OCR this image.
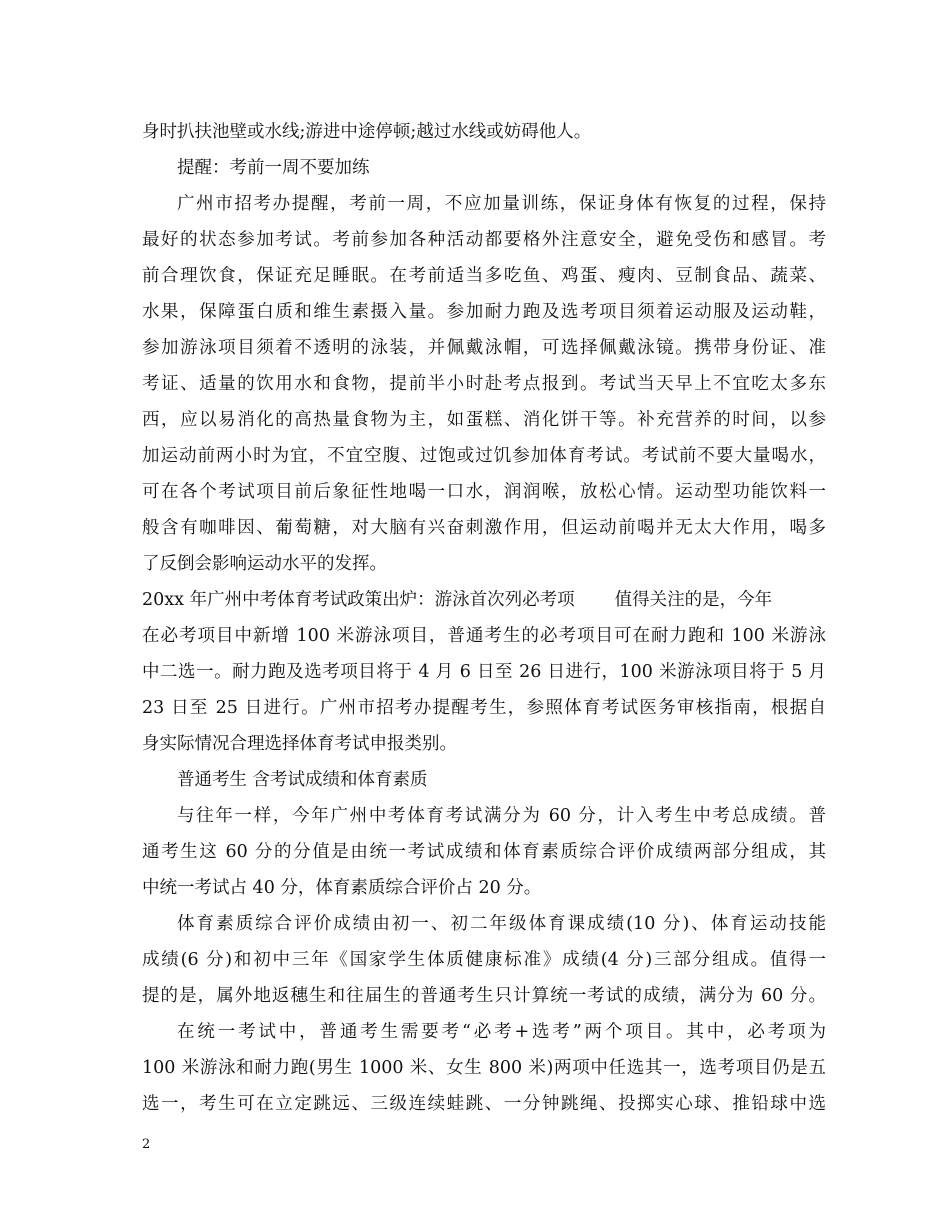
身时扒扶池壁或水线;游进中途停顿;越过水线或妨碍他人。
提醒：考前一周不要加练
广州市招考办提醒，考前一周，不应加量训练，保证身体有恢复的过程，保持
最好的状态参加考试。考前参加各种活动都要格外注意安全，避免受伤和感冒。考
前合理饮食，保证充足睡眠。在考前适当多吃鱼、鸡蛋、瘦肉、豆制食品、蔬菜、
水果，保障蛋白质和维生素摄入量。参加耐力跑及选考项目须着运动服及运动鞋，
参加游泳项目须着不透明的泳装，并佩戴泳帽，可选择佩戴泳镜。携带身份证、准
考证、适量的饮用水和食物，提前半小时赴考点报到。考试当天早上不宜吃太多东
西，应以易消化的高热量食物为主，如蛋糕、消化饼干等。补充营养的时间，以参
加运动前两小时为宜，不宜空腹、过饱或过饥参加体育考试。考试前不要大量喝水，
可在各个考试项目前后象征性地喝一口水，润润喉，放松心情。运动型功能饮料一
般含有咖啡因、葡萄糖，对大脑有兴奋刺激作用，但运动前喝并无太大作用，喝多
了反倒会影响运动水平的发挥。
20xx 年广州中考体育考试政策出炉：游泳首次列必考项 值得关注的是，今年
在必考项目中新增 100 米游泳项目，普通考生的必考项目可在耐力跑和 100 米游泳
中二选一。耐力跑及选考项目将于 4 月 6 日至 26 日进行，100 米游泳项目将于 5 月
23 日至 25 日进行。广州市招考办提醒考生，参照体育考试医务审核指南，根据自
身实际情况合理选择体育考试申报类别。
普通考生 含考试成绩和体育素质
与往年一样，今年广州中考体育考试满分为 60 分，计入考生中考总成绩。普
通考生这 60 分的分值是由统一考试成绩和体育素质综合评价成绩两部分组成，其
中统一考试占 40 分，体育素质综合评价占 20 分。
体育素质综合评价成绩由初一、初二年级体育课成绩(10 分)、体育运动技能
成绩(6 分)和初中三年《国家学生体质健康标准》成绩(4 分)三部分组成。值得一
提的是，属外地返穗生和往届生的普通考生只计算统一考试的成绩，满分为 60 分。
在统一考试中，普通考生需要考“必考+选考”两个项目。其中，必考项为
100 米游泳和耐力跑(男生 1000 米、女生 800 米)两项中任选其一，选考项目仍是五
选一，考生可在立定跳远、三级连续蛙跳、一分钟跳绳、投掷实心球、推铅球中选
2
